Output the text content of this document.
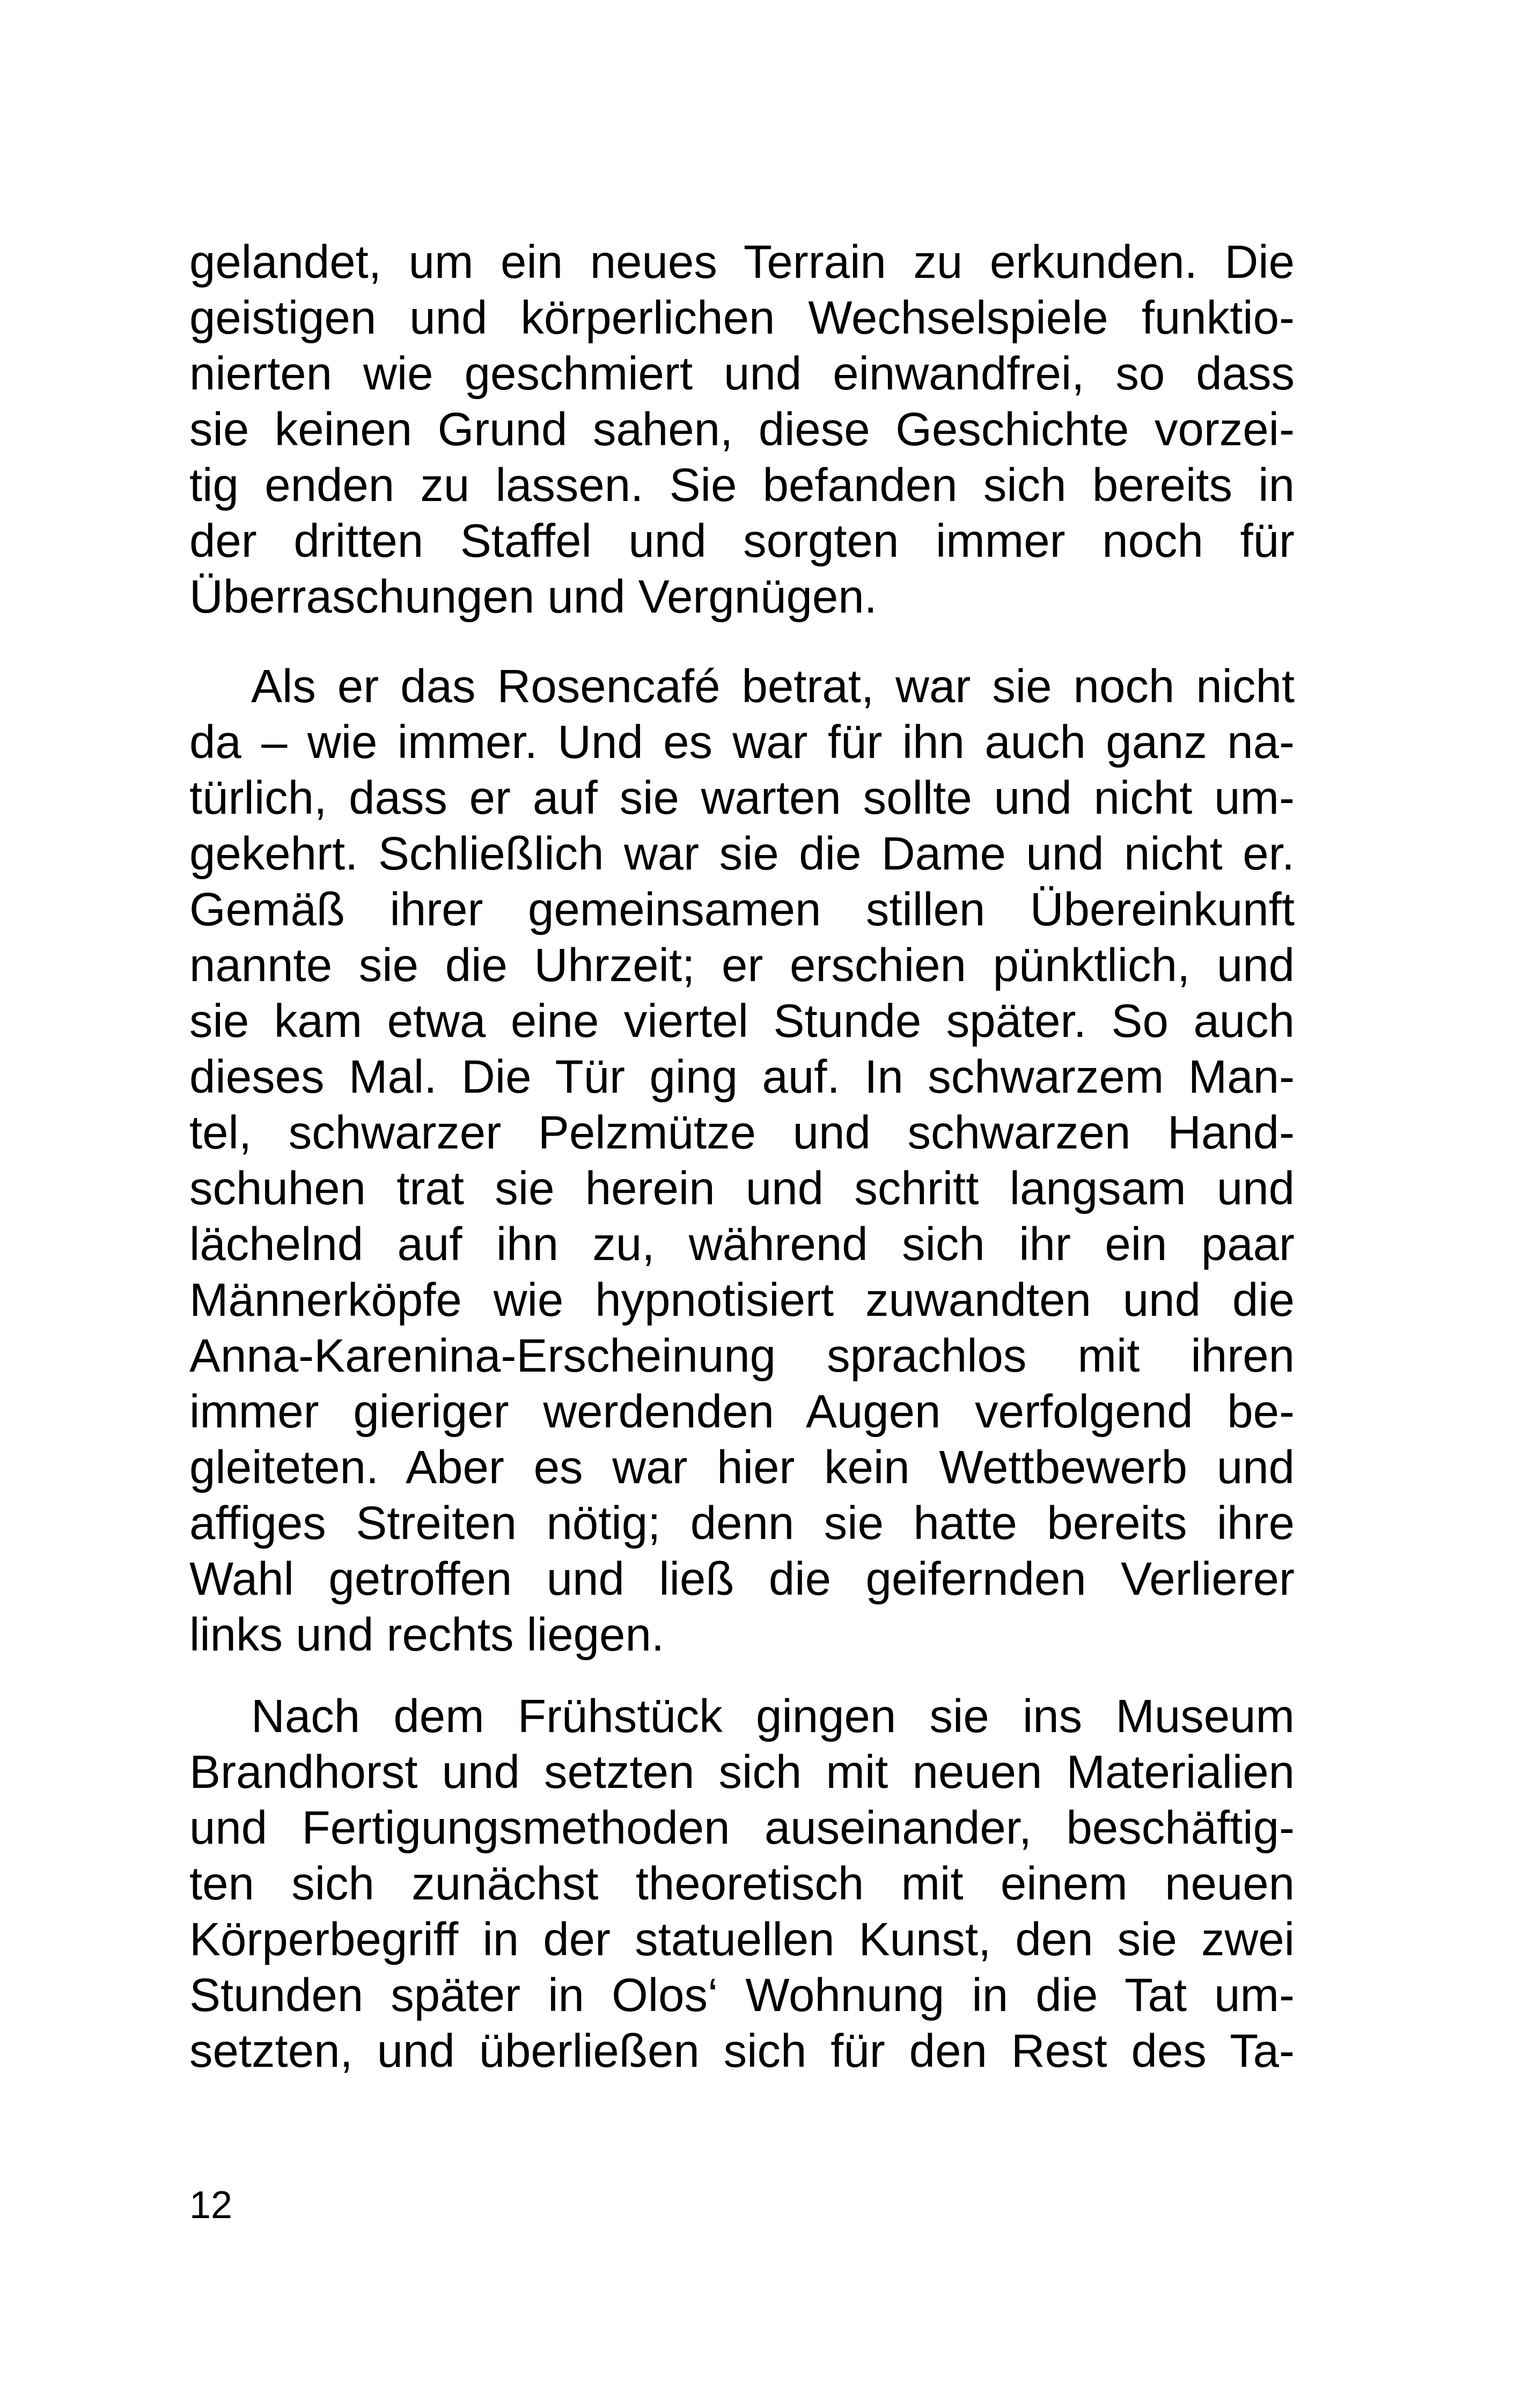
gelandet, um ein neues Terrain zu erkunden. Die
geistigen und körperlichen Wechselspiele funktio-
nierten wie geschmiert und einwandfrei, so dass
sie keinen Grund sahen, diese Geschichte vorzei-
tig enden zu lassen. Sie befanden sich bereits in
der dritten Staffel und sorgten immer noch für
Überraschungen und Vergnügen.
Als er das Rosencafé betrat, war sie noch nicht
da – wie immer. Und es war für ihn auch ganz na-
türlich, dass er auf sie warten sollte und nicht um-
gekehrt. Schließlich war sie die Dame und nicht er.
Gemäß ihrer gemeinsamen stillen Übereinkunft
nannte sie die Uhrzeit; er erschien pünktlich, und
sie kam etwa eine viertel Stunde später. So auch
dieses Mal. Die Tür ging auf. In schwarzem Man-
tel, schwarzer Pelzmütze und schwarzen Hand-
schuhen trat sie herein und schritt langsam und
lächelnd auf ihn zu, während sich ihr ein paar
Männerköpfe wie hypnotisiert zuwandten und die
Anna-Karenina-Erscheinung sprachlos mit ihren
immer gieriger werdenden Augen verfolgend be-
gleiteten. Aber es war hier kein Wettbewerb und
affiges Streiten nötig; denn sie hatte bereits ihre
Wahl getroffen und ließ die geifernden Verlierer
links und rechts liegen.
Nach dem Frühstück gingen sie ins Museum
Brandhorst und setzten sich mit neuen Materialien
und Fertigungsmethoden auseinander, beschäftig-
ten sich zunächst theoretisch mit einem neuen
Körperbegriff in der statuellen Kunst, den sie zwei
Stunden später in Olos‘ Wohnung in die Tat um-
setzten, und überließen sich für den Rest des Ta-
12
